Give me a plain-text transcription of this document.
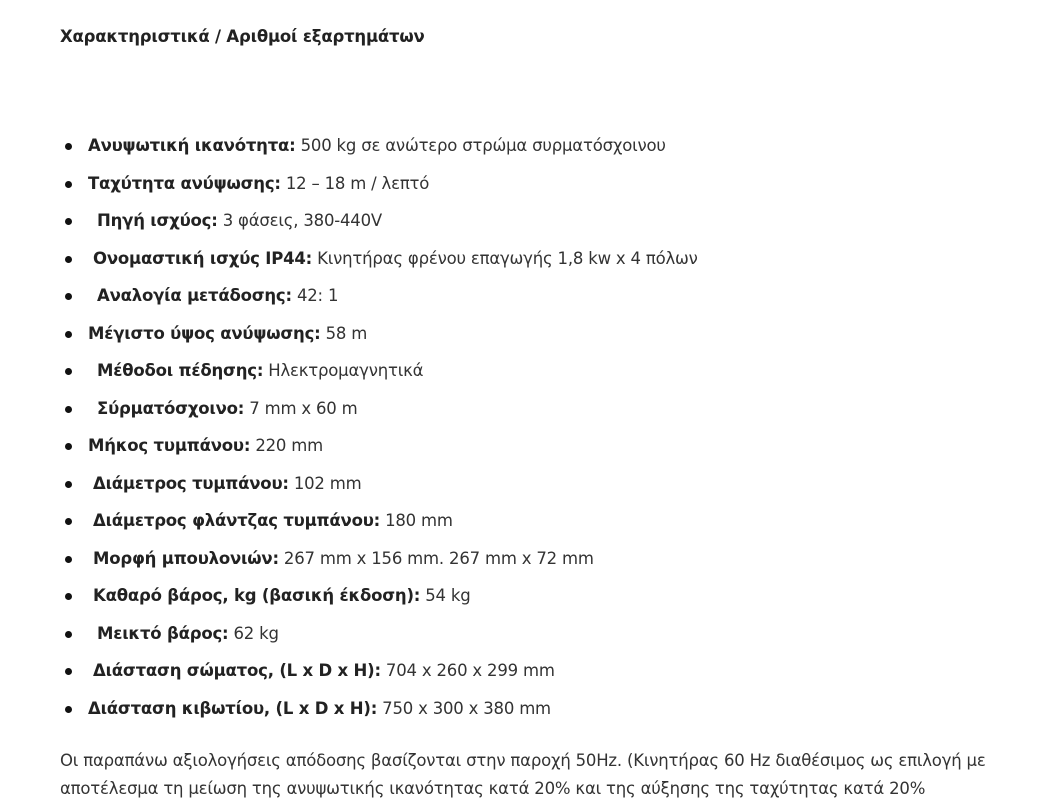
Χαρακτηριστικά / Αριθμοί εξαρτημάτων
Ανυψωτική ικανότητα: 500 kg σε ανώτερο στρώμα συρματόσχοινου
Ταχύτητα ανύψωσης: 12 – 18 m / λεπτό
Πηγή ισχύος: 3 φάσεις, 380-440V
Ονομαστική ισχύς IP44: Κινητήρας φρένου επαγωγής 1,8 kw x 4 πόλων
Αναλογία μετάδοσης: 42: 1
Μέγιστο ύψος ανύψωσης: 58 m
Μέθοδοι πέδησης: Ηλεκτρομαγνητικά
Σύρματόσχοινο: 7 mm x 60 m
Μήκος τυμπάνου: 220 mm
Διάμετρος τυμπάνου: 102 mm
Διάμετρος φλάντζας τυμπάνου: 180 mm
Μορφή μπουλονιών: 267 mm x 156 mm. 267 mm x 72 mm
Καθαρό βάρος, kg (βασική έκδοση): 54 kg
Μεικτό βάρος: 62 kg
Διάσταση σώματος, (L x D x H): 704 x 260 x 299 mm
Διάσταση κιβωτίου, (L x D x H): 750 x 300 x 380 mm
Οι παραπάνω αξιολογήσεις απόδοσης βασίζονται στην παροχή 50Hz. (Κινητήρας 60 Hz διαθέσιμος ως επιλογή με αποτέλεσμα τη μείωση της ανυψωτικής ικανότητας κατά 20% και της αύξησης της ταχύτητας κατά 20%
